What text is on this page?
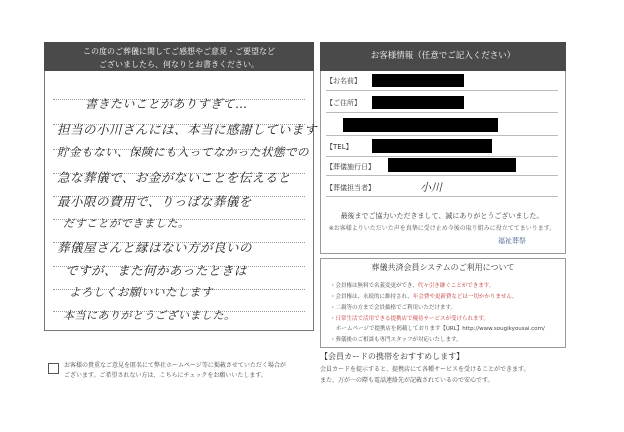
この度のご葬儀に関してご感想やご意見・ご要望など
ございましたら、何なりとお書きください。
書きたいことがありすぎて…
担当の小川さんには、本当に感謝しています
貯金もない、保険にも入ってなかった状態での
急な葬儀で、お金がないことを伝えると
最小限の費用で、りっぱな葬儀を
だすことができました。
葬儀屋さんと縁はない方が良いの
ですが、また何かあったときは
よろしくお願いいたします
本当にありがとうございました。
お客様の貴重なご意見を匿名にて弊社ホームページ等に掲載させていただく場合が
ございます。ご希望されない方は、こちらにチェックをお願いいたします。
お客様情報（任意でご記入ください）
【お名前】
【ご住所】
【TEL】
【葬儀施行日】
【葬儀担当者】	小川
最後までご協力いただきまして、誠にありがとうございました。
※お客様よりいただいた声を真摯に受け止め今後の取り組みに役立ててまいります。
福祉葬祭
葬儀共済会員システムのご利用について
・会員権は無料で名義変更ができ、代々引き継ぐことができます。
・会員権は、永続的に維持され、年会費や更新費などは一切かかりません。
・二親等の方まで会員価格でご利用いただけます。
・日常生活で活用できる提携店で優待サービスが受けられます。
ホームページで提携店を掲載しております【URL】http://www.sougikyousai.com/
・葬儀後のご相談も専門スタッフが対応いたします。
【会員カードの携帯をおすすめします】
会員カードを提示すると、提携店にて各種サービスを受けることができます。
また、万が一の際も電話連絡先が記載されているので安心です。
